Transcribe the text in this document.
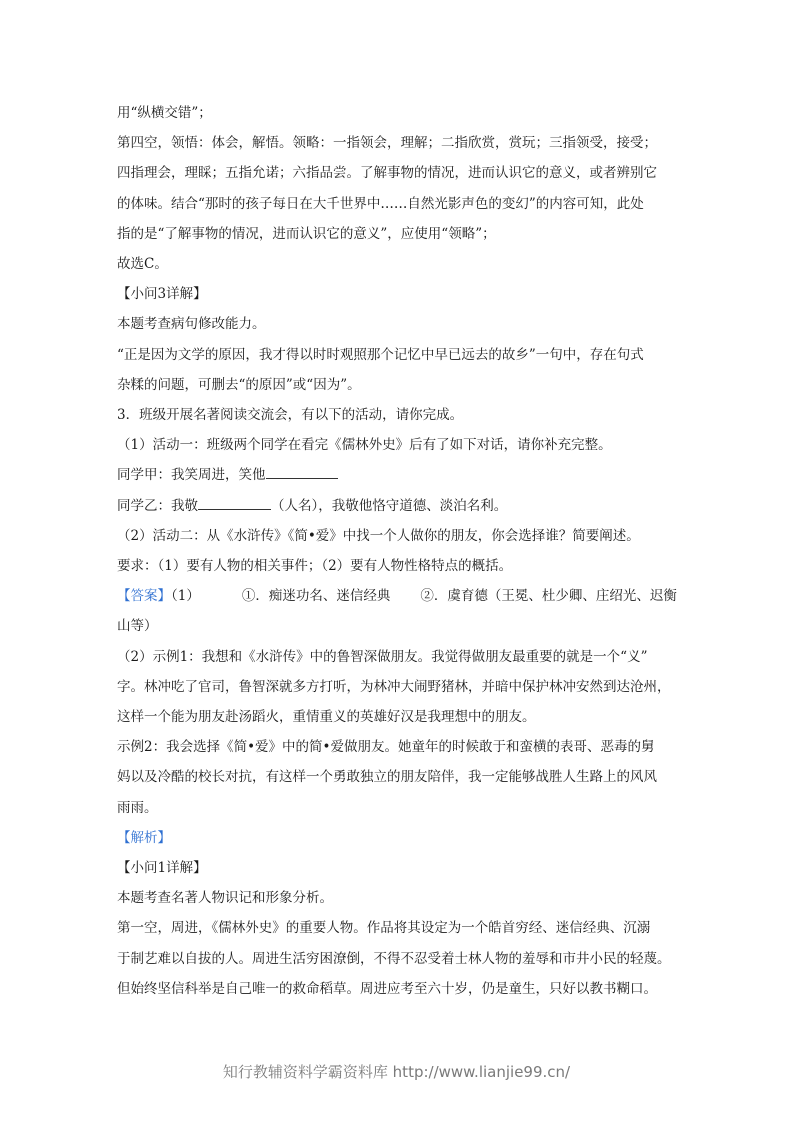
用“纵横交错”；
第四空，领悟：体会，解悟。领略：一指领会，理解；二指欣赏，赏玩；三指领受，接受；
四指理会，理睬；五指允诺；六指品尝。了解事物的情况，进而认识它的意义，或者辨别它
的体味。结合“那时的孩子每日在大千世界中……自然光影声色的变幻”的内容可知，此处
指的是“了解事物的情况，进而认识它的意义”，应使用“领略”；
故选C。
【小问3详解】
本题考查病句修改能力。
“正是因为文学的原因，我才得以时时观照那个记忆中早已远去的故乡”一句中，存在句式
杂糅的问题，可删去“的原因”或“因为”。
3．班级开展名著阅读交流会，有以下的活动，请你完成。
（1）活动一：班级两个同学在看完《儒林外史》后有了如下对话，请你补充完整。
同学甲：我笑周进，笑他
同学乙：我敬	（人名），我敬他恪守道德、淡泊名利。
（2）活动二：从《水浒传》《简•爱》中找一个人做你的朋友，你会选择谁？简要阐述。
要求：（1）要有人物的相关事件；（2）要有人物性格特点的概括。
【答案】（1）	①．痴迷功名、迷信经典 ②．虞育德（王冕、杜少卿、庄绍光、迟衡
山等）
（2）示例1：我想和《水浒传》中的鲁智深做朋友。我觉得做朋友最重要的就是一个“义”
字。林冲吃了官司，鲁智深就多方打听，为林冲大闹野猪林，并暗中保护林冲安然到达沧州，
这样一个能为朋友赴汤蹈火，重情重义的英雄好汉是我理想中的朋友。
示例2：我会选择《简•爱》中的简•爱做朋友。她童年的时候敢于和蛮横的表哥、恶毒的舅
妈以及冷酷的校长对抗，有这样一个勇敢独立的朋友陪伴，我一定能够战胜人生路上的风风
雨雨。
【解析】
【小问1详解】
本题考查名著人物识记和形象分析。
第一空，周进，《儒林外史》的重要人物。作品将其设定为一个皓首穷经、迷信经典、沉溺
于制艺难以自拔的人。周进生活穷困潦倒，不得不忍受着士林人物的羞辱和市井小民的轻蔑。
但始终坚信科举是自己唯一的救命稻草。周进应考至六十岁，仍是童生，只好以教书糊口。
知行教辅资料学霸资料库 http://www.lianjie99.cn/
